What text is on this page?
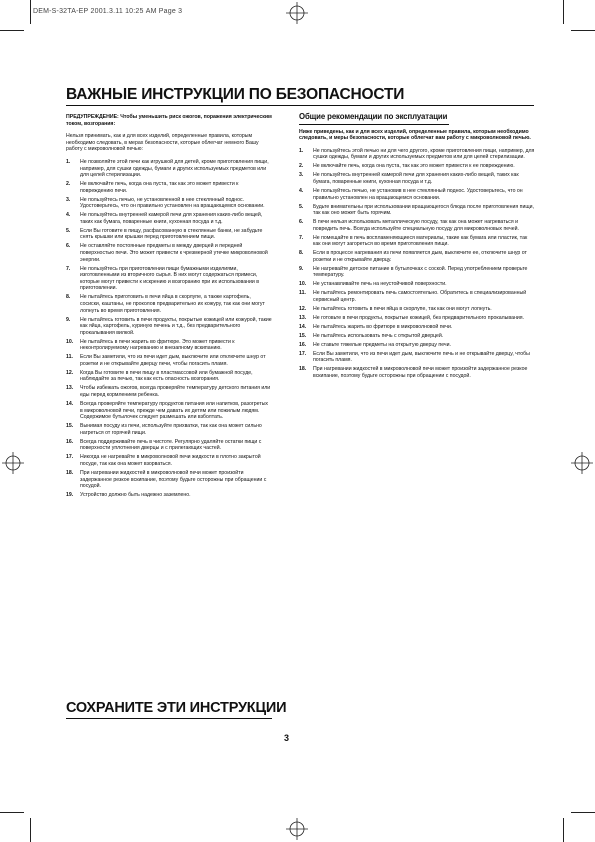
DEM-S-32TA-ЕР 2001.3.11 10:25 AM Page 3
ВАЖНЫЕ ИНСТРУКЦИИ ПО БЕЗОПАСНОСТИ

ПРЕДУПРЕЖДЕНИЕ: Чтобы уменьшить риск ожогов, поражения электрическим током, возгорания:

Нельзя принимать, как и для всех изделий, определенные правила, которым необходимо следовать, в мерах безопасности, которые облегчат немного Вашу работу с микроволновой печью:

1. Не позволяйте этой печи как игрушкой для детей, кроме приготовления пищи, например, для сушки одежды, бумаги и других используемых предметов или для целей стерилизации.
2. Не включайте печь, когда она пуста, так как это может привести к повреждению печи.
3. Не пользуйтесь печью, не установленной в нее стеклянный поднос. Удостоверьтесь, что он правильно установлен на вращающемся основании.
4. Не пользуйтесь внутренней камерой печи для хранения каких-либо вещей, таких как бумага, поваренные книги, кухонная посуда и т.д.
5. Если Вы готовите в пищу, расфасованную в стеклянные банки, не забудьте снять крышки или крышки перед приготовлением пищи.
6. Не оставляйте постоянные предметы в между дверцей и передней поверхностью печи. Это может привести к чрезмерной утечке микроволновой энергии.
7. Не пользуйтесь при приготовлении пищи бумажными изделиями, изготовленными из вторичного сырья. В них могут содержаться примеси, которые могут привести к искрению и возгоранию при их использовании в приготовлении.
8. Не пытайтесь приготовить в печи яйца в скорлупе, а также картофель, сосиски, каштаны, не проколов предварительно их кожуру, так как они могут лопнуть во время приготовления.
9. Не пытайтесь готовить в печи продукты, покрытые кожицей или кожурой, такие как яйца, картофель, куриную печень и т.д., без предварительного прокалывания вилкой.
10. Не пытайтесь в печи жарить во фритюре. Это может привести к неконтролируемому нагреванию и внезапному вскипанию.
11. Если Вы заметили, что из печи идет дым, выключите или отключите шнур от розетки и не открывайте дверцу печи, чтобы погасить пламя.
12. Когда Вы готовите в печи пищу в пластмассовой или бумажной посуде, наблюдайте за печью, так как есть опасность возгорания.
13. Чтобы избежать ожогов, всегда проверяйте температуру детского питания или еды перед кормлением ребенка.
14. Всегда проверяйте температуру продуктов питания или напитков, разогретых в микроволновой печи, прежде чем давать их детям или пожилым людям. Содержимое бутылочек следует размешать или взболтать.
15. Вынимая посуду из печи, используйте прихватки, так как она может сильно нагреться от горячей пищи.
16. Всегда поддерживайте печь в чистоте. Регулярно удаляйте остатки пищи с поверхности уплотнения дверцы и с прилегающих частей.
17. Никогда не нагревайте в микроволновой печи жидкости в плотно закрытой посуде, так как она может взорваться.
18. При нагревании жидкостей в микроволновой печи может произойти задержанное резкое вскипание, поэтому будьте осторожны при обращении с посудой.
19. Устройство должно быть надежно заземлено.
Общие рекомендации по эксплуатации

Ниже приведены, как и для всех изделий, определенные правила, которым необходимо следовать, и меры безопасности, которые облегчат вам работу с микроволновой печью.

1. Не пользуйтесь этой печью ни для чего другого, кроме приготовления пищи, например, для сушки одежды, бумаги и других используемых предметов или для целей стерилизации.
2. Не включайте печь, когда она пуста, так как это может привести к ее повреждению.
3. Не пользуйтесь внутренней камерой печи для хранения каких-либо вещей, таких как бумага, поваренные книги, кухонная посуда и т.д.
4. Не пользуйтесь печью, не установив в нее стеклянный поднос. Удостоверьтесь, что он правильно установлен на вращающемся основании.
5. Будьте внимательны при использовании вращающегося блюда после приготовления пищи, так как оно может быть горячим.
6. В печи нельзя использовать металлическую посуду, так как она может нагреваться и повредить печь. Всегда используйте специальную посуду для микроволновых печей.
7. Не помещайте в печь воспламеняющиеся материалы, такие как бумага или пластик, так как они могут загореться во время приготовления пищи.
8. Если в процессе нагревания из печи появляется дым, выключите ее, отключите шнур от розетки и не открывайте дверцу.
9. Не нагревайте детское питание в бутылочках с соской. Перед употреблением проверьте температуру.
10. Не устанавливайте печь на неустойчивой поверхности.
11. Не пытайтесь ремонтировать печь самостоятельно. Обратитесь в специализированный сервисный центр.
12. Не пытайтесь готовить в печи яйца в скорлупе, так как они могут лопнуть.
13. Не готовьте в печи продукты, покрытые кожицей, без предварительного прокалывания.
14. Не пытайтесь жарить во фритюре в микроволновой печи.
15. Не пытайтесь использовать печь с открытой дверцей.
16. Не ставьте тяжелые предметы на открытую дверцу печи.
17. Если Вы заметили, что из печи идет дым, выключите печь и не открывайте дверцу, чтобы погасить пламя.
18. При нагревании жидкостей в микроволновой печи может произойти задержанное резкое вскипание, поэтому будьте осторожны при обращении с посудой.
СОХРАНИТЕ ЭТИ ИНСТРУКЦИИ
3
